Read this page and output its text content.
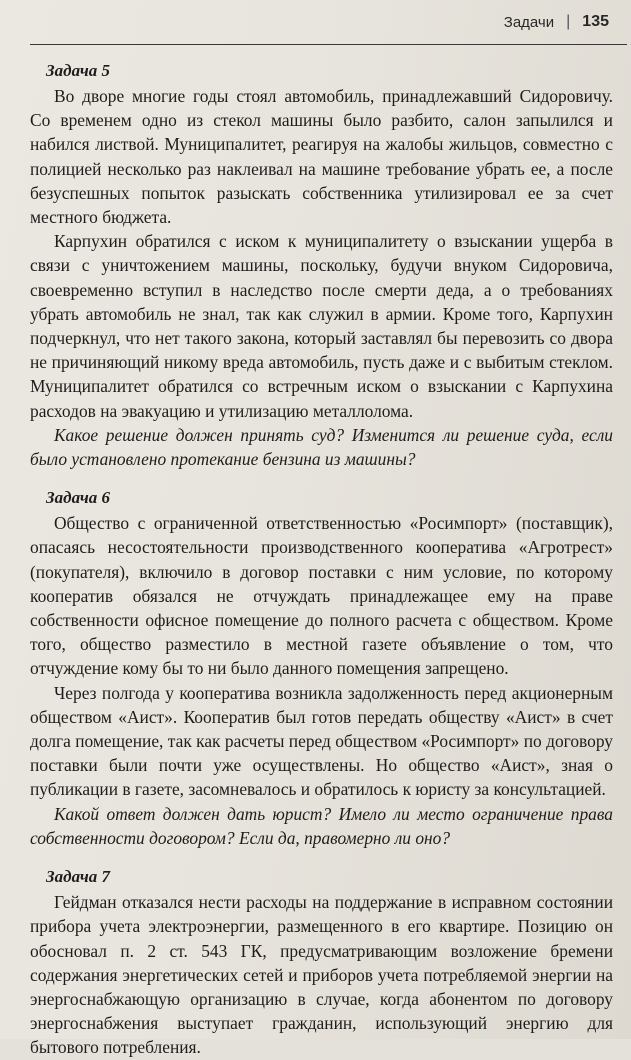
Задачи | 135
Задача 5

Во дворе многие годы стоял автомобиль, принадлежавший Сидоровичу. Со временем одно из стекол машины было разбито, салон запылился и набился листвой. Муниципалитет, реагируя на жалобы жильцов, совместно с полицией несколько раз наклеивал на машине требование убрать ее, а после безуспешных попыток разыскать собственника утилизировал ее за счет местного бюджета.

Карпухин обратился с иском к муниципалитету о взыскании ущерба в связи с уничтожением машины, поскольку, будучи внуком Сидоровича, своевременно вступил в наследство после смерти деда, а о требованиях убрать автомобиль не знал, так как служил в армии. Кроме того, Карпухин подчеркнул, что нет такого закона, который заставлял бы перевозить со двора не причиняющий никому вреда автомобиль, пусть даже и с выбитым стеклом. Муниципалитет обратился со встречным иском о взыскании с Карпухина расходов на эвакуацию и утилизацию металлолома.

Какое решение должен принять суд? Изменится ли решение суда, если было установлено протекание бензина из машины?

Задача 6

Общество с ограниченной ответственностью «Росимпорт» (поставщик), опасаясь несостоятельности производственного кооператива «Агротрест» (покупателя), включило в договор поставки с ним условие, по которому кооператив обязался не отчуждать принадлежащее ему на праве собственности офисное помещение до полного расчета с обществом. Кроме того, общество разместило в местной газете объявление о том, что отчуждение кому бы то ни было данного помещения запрещено.

Через полгода у кооператива возникла задолженность перед акционерным обществом «Аист». Кооператив был готов передать обществу «Аист» в счет долга помещение, так как расчеты перед обществом «Росимпорт» по договору поставки были почти уже осуществлены. Но общество «Аист», зная о публикации в газете, засомневалось и обратилось к юристу за консультацией.

Какой ответ должен дать юрист? Имело ли место ограничение права собственности договором? Если да, правомерно ли оно?

Задача 7

Гейдман отказался нести расходы на поддержание в исправном состоянии прибора учета электроэнергии, размещенного в его квартире. Позицию он обосновал п. 2 ст. 543 ГК, предусматривающим возложение бремени содержания энергетических сетей и приборов учета потребляемой энергии на энергоснабжающую организацию в случае, когда абонентом по договору энергоснабжения выступает гражданин, использующий энергию для бытового потребления.
